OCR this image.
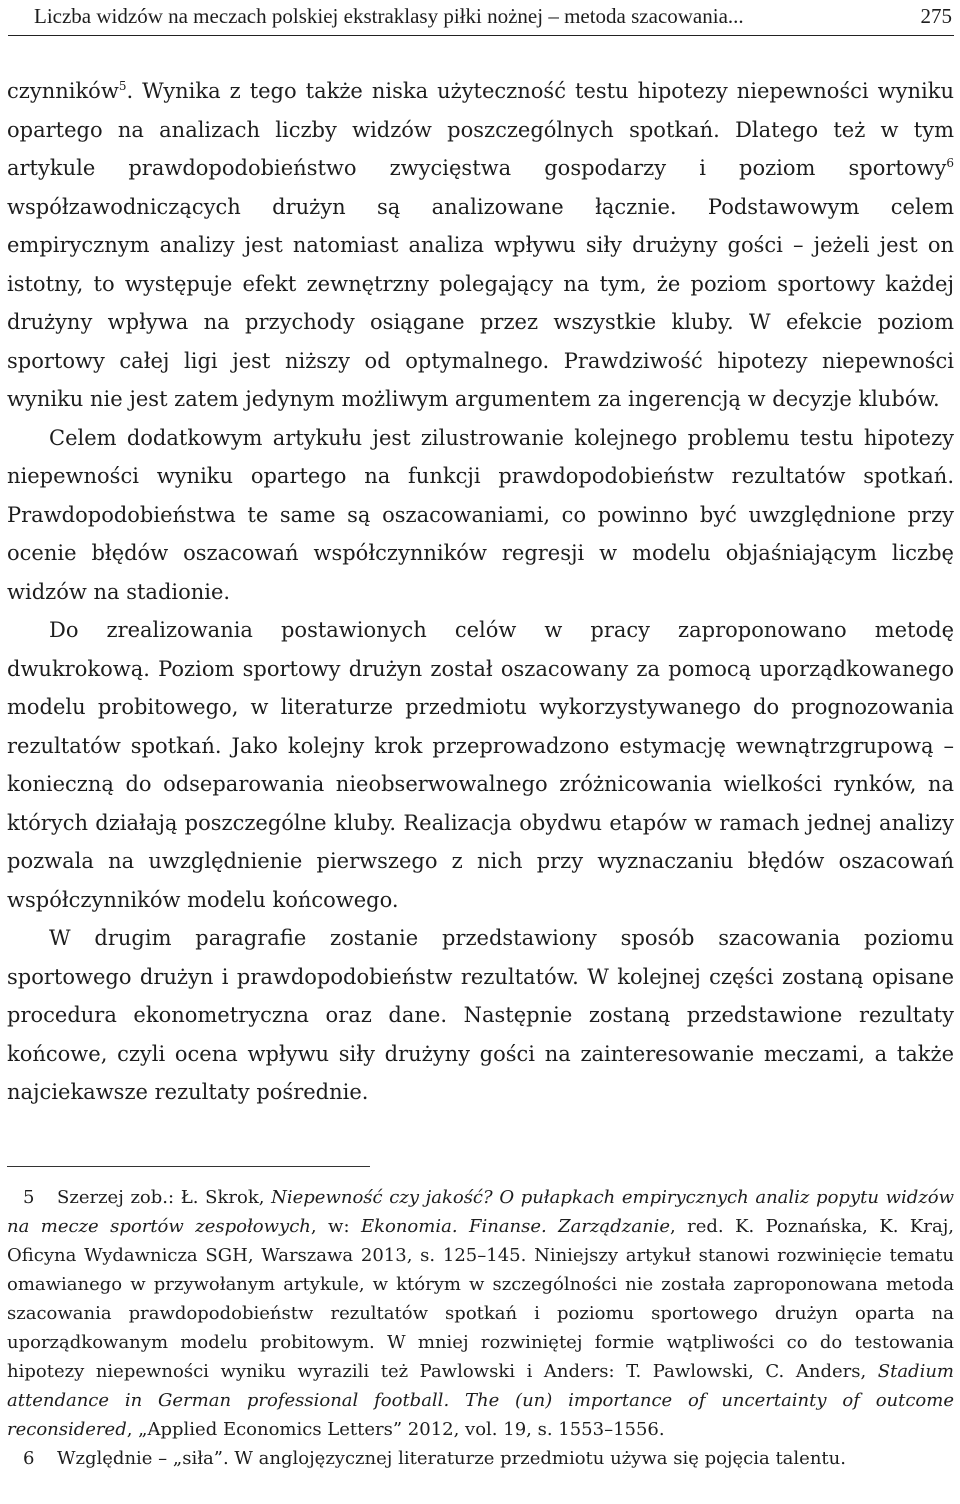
Liczba widzów na meczach polskiej ekstraklasy piłki nożnej – metoda szacowania...	275

czynników$^5$. Wynika z tego także niska użyteczność testu hipotezy niepewności wyniku opartego na analizach liczby widzów poszczególnych spotkań. Dlatego też w tym artykule prawdopodobieństwo zwycięstwa gospodarzy i poziom sportowy$^6$ współzawodniczących drużyn są analizowane łącznie. Podstawowym celem empirycznym analizy jest natomiast analiza wpływu siły drużyny gości – jeżeli jest on istotny, to występuje efekt zewnętrzny polegający na tym, że poziom sportowy każdej drużyny wpływa na przychody osiągane przez wszystkie kluby. W efekcie poziom sportowy całej ligi jest niższy od optymalnego. Prawdziwość hipotezy niepewności wyniku nie jest zatem jedynym możliwym argumentem za ingerencją w decyzje klubów.

Celem dodatkowym artykułu jest zilustrowanie kolejnego problemu testu hipotezy niepewności wyniku opartego na funkcji prawdopodobieństw rezultatów spotkań. Prawdopodobieństwa te same są oszacowaniami, co powinno być uwzględnione przy ocenie błędów oszacowań współczynników regresji w modelu objaśniającym liczbę widzów na stadionie.

Do zrealizowania postawionych celów w pracy zaproponowano metodę dwukrokową. Poziom sportowy drużyn został oszacowany za pomocą uporządkowanego modelu probitowego, w literaturze przedmiotu wykorzystywanego do prognozowania rezultatów spotkań. Jako kolejny krok przeprowadzono estymację wewnątrzgrupową – konieczną do odseparowania nieobserwowalnego zróżnicowania wielkości rynków, na których działają poszczególne kluby. Realizacja obydwu etapów w ramach jednej analizy pozwala na uwzględnienie pierwszego z nich przy wyznaczaniu błędów oszacowań współczynników modelu końcowego.

W drugim paragrafie zostanie przedstawiony sposób szacowania poziomu sportowego drużyn i prawdopodobieństw rezultatów. W kolejnej części zostaną opisane procedura ekonometryczna oraz dane. Następnie zostaną przedstawione rezultaty końcowe, czyli ocena wpływu siły drużyny gości na zainteresowanie meczami, a także najciekawsze rezultaty pośrednie.

5 Szerzej zob.: Ł. Skrok, Niepewność czy jakość? O pułapkach empirycznych analiz popytu widzów na mecze sportów zespołowych, w: Ekonomia. Finanse. Zarządzanie, red. K. Poznańska, K. Kraj, Oficyna Wydawnicza SGH, Warszawa 2013, s. 125–145. Niniejszy artykuł stanowi rozwinięcie tematu omawianego w przywołanym artykule, w którym w szczególności nie została zaproponowana metoda szacowania prawdopodobieństw rezultatów spotkań i poziomu sportowego drużyn oparta na uporządkowanym modelu probitowym. W mniej rozwiniętej formie wątpliwości co do testowania hipotezy niepewności wyniku wyrazili też Pawlowski i Anders: T. Pawlowski, C. Anders, Stadium attendance in German professional football. The (un) importance of uncertainty of outcome reconsidered, „Applied Economics Letters” 2012, vol. 19, s. 1553–1556.

6 Względnie – „siła”. W anglojęzycznej literaturze przedmiotu używa się pojęcia talentu.
